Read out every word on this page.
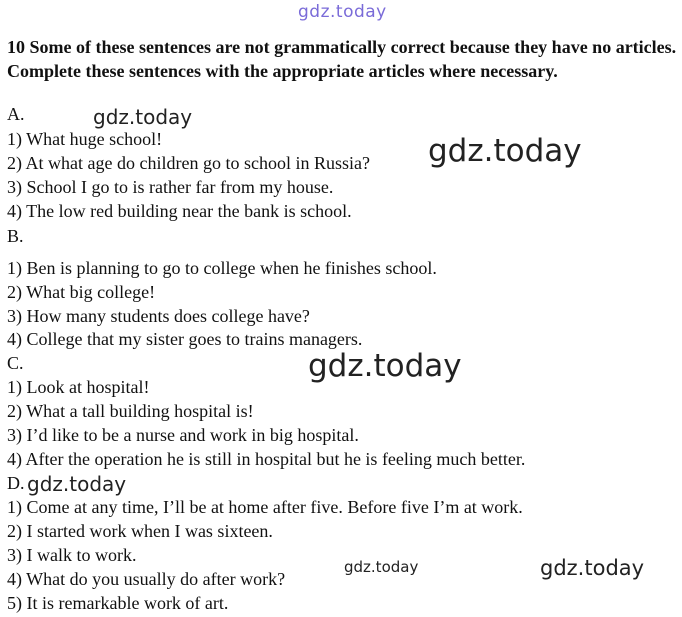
gdz.today

10 Some of these sentences are not grammatically correct because they have no articles. Complete these sentences with the appropriate articles where necessary.

A.

1) What huge school!

2) At what age do children go to school in Russia?

3) School I go to is rather far from my house.

4) The low red building near the bank is school.

B.

1) Ben is planning to go to college when he finishes school.

2) What big college!

3) How many students does college have?

4) College that my sister goes to trains managers.

C.

1) Look at hospital!

2) What a tall building hospital is!

3) I’d like to be a nurse and work in big hospital.

4) After the operation he is still in hospital but he is feeling much better.

D.

1) Come at any time, I’ll be at home after five. Before five I’m at work.

2) I started work when I was sixteen.

3) I walk to work.

4) What do you usually do after work?

5) It is remarkable work of art.

gdz.today
gdz.today
gdz.today
gdz.today
gdz.today	gdz.today
